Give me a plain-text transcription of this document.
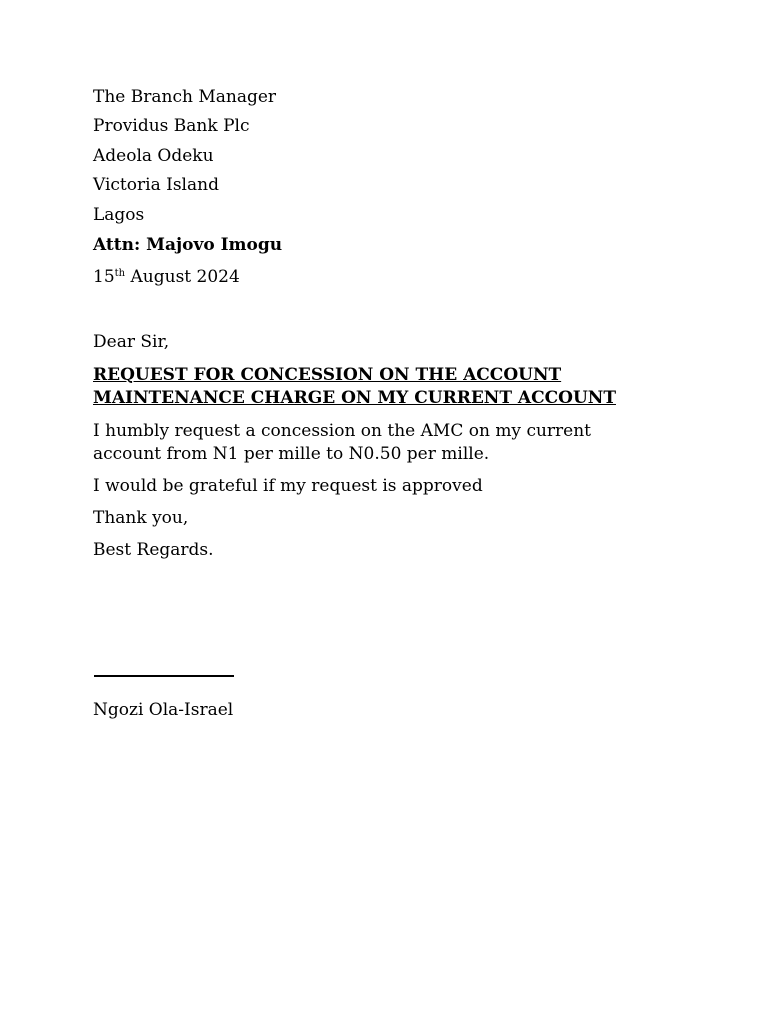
The Branch Manager
Providus Bank Plc
Adeola Odeku
Victoria Island
Lagos
Attn: Majovo Imogu
15th August 2024
Dear Sir,
REQUEST FOR CONCESSION ON THE ACCOUNT
MAINTENANCE CHARGE ON MY CURRENT ACCOUNT
I humbly request a concession on the AMC on my current
account from N1 per mille to N0.50 per mille.
I would be grateful if my request is approved
Thank you,
Best Regards.
Ngozi Ola-Israel
